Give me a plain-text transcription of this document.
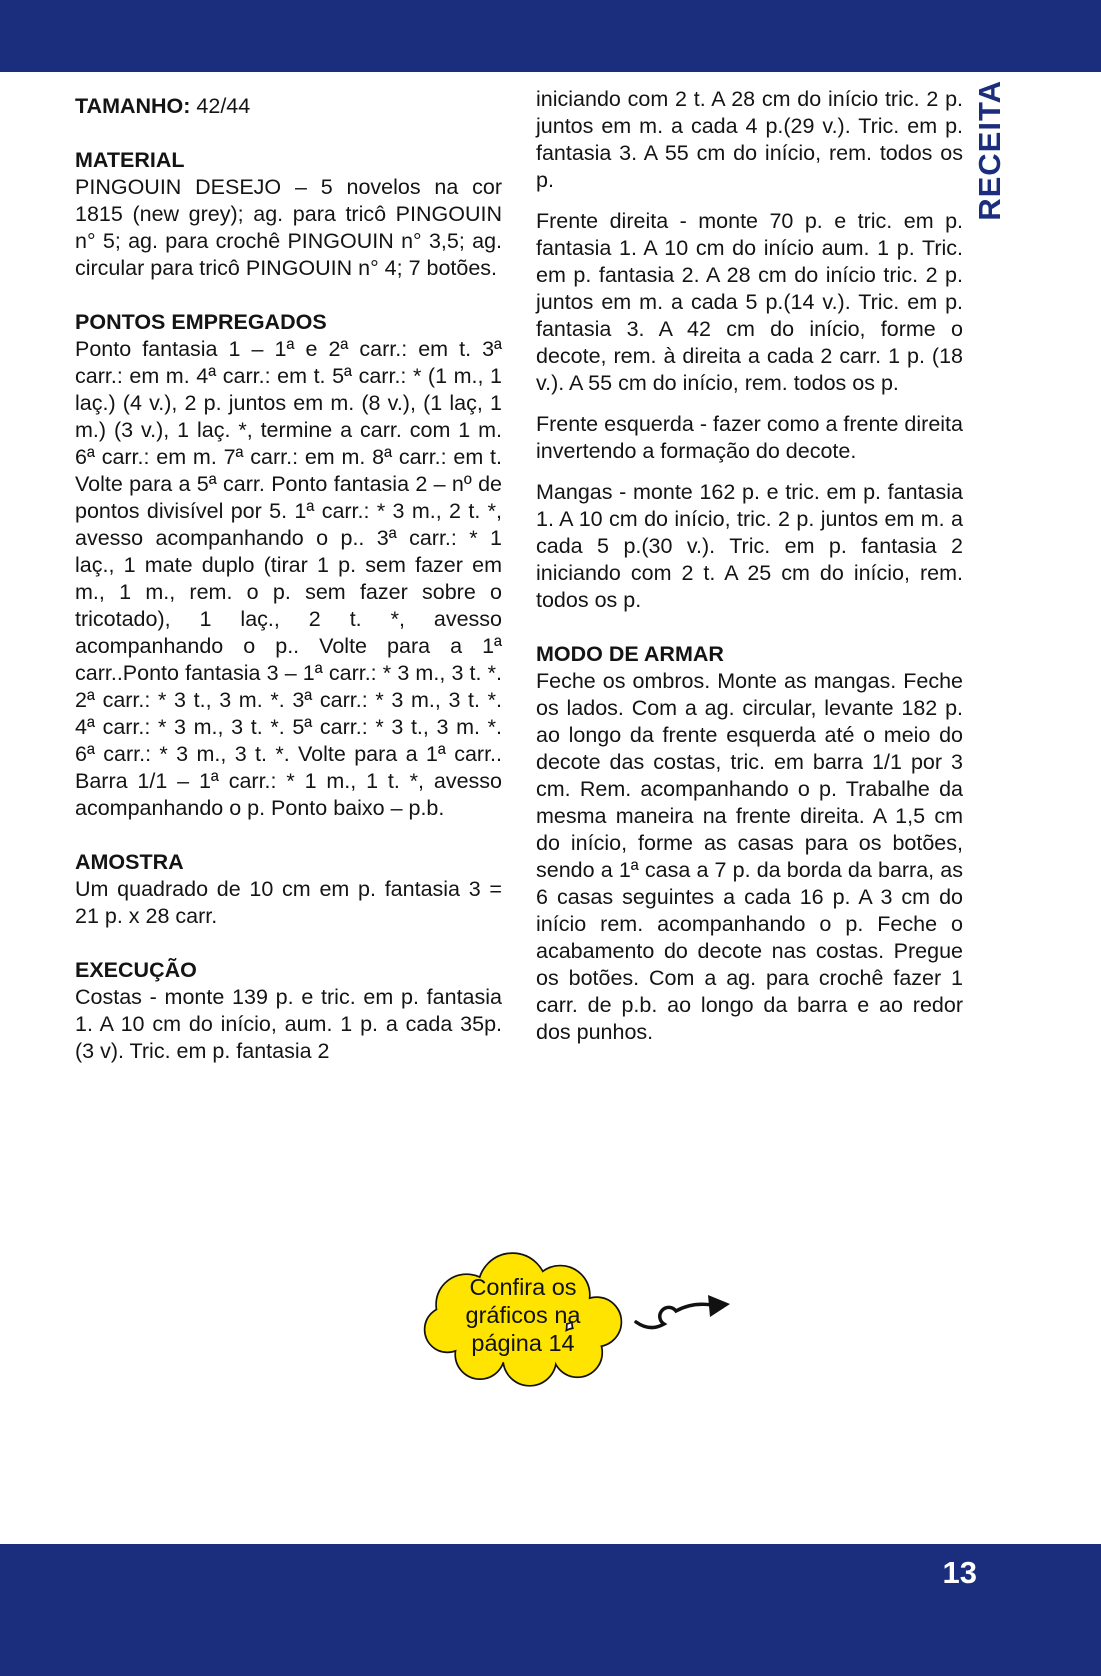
RECEITA

TAMANHO: 42/44

MATERIAL

PINGOUIN DESEJO – 5 novelos na cor 1815 (new grey); ag. para tricô PINGOUIN n° 5; ag. para crochê PINGOUIN n° 3,5; ag. circular para tricô PINGOUIN n° 4; 7 botões.

PONTOS EMPREGADOS

Ponto fantasia 1 – 1ª e 2ª carr.: em t. 3ª carr.: em m. 4ª carr.: em t. 5ª carr.: * (1 m., 1 laç.) (4 v.), 2 p. juntos em m. (8 v.), (1 laç, 1 m.) (3 v.), 1 laç. *, termine a carr. com 1 m. 6ª carr.: em m. 7ª carr.: em m. 8ª carr.: em t. Volte para a 5ª carr. Ponto fantasia 2 – nº de pontos divisível por 5. 1ª carr.: * 3 m., 2 t. *, avesso acompanhando o p.. 3ª carr.: * 1 laç., 1 mate duplo (tirar 1 p. sem fazer em m., 1 m., rem. o p. sem fazer sobre o tricotado), 1 laç., 2 t. *, avesso acompanhando o p.. Volte para a 1ª carr..Ponto fantasia 3 – 1ª carr.: * 3 m., 3 t. *. 2ª carr.: * 3 t., 3 m. *. 3ª carr.: * 3 m., 3 t. *. 4ª carr.: * 3 m., 3 t. *. 5ª carr.: * 3 t., 3 m. *. 6ª carr.: * 3 m., 3 t. *. Volte para a 1ª carr.. Barra 1/1 – 1ª carr.: * 1 m., 1 t. *, avesso acompanhando o p. Ponto baixo – p.b.

AMOSTRA

Um quadrado de 10 cm em p. fantasia 3 = 21 p. x 28 carr.

EXECUÇÃO

Costas - monte 139 p. e tric. em p. fantasia 1. A 10 cm do início, aum. 1 p. a cada 35p. (3 v). Tric. em p. fantasia 2

iniciando com 2 t. A 28 cm do início tric. 2 p. juntos em m. a cada 4 p.(29 v.). Tric. em p. fantasia 3. A 55 cm do início, rem. todos os p.

Frente direita - monte 70 p. e tric. em p. fantasia 1. A 10 cm do início aum. 1 p. Tric. em p. fantasia 2. A 28 cm do início tric. 2 p. juntos em m. a cada 5 p.(14 v.). Tric. em p. fantasia 3. A 42 cm do início, forme o decote, rem. à direita a cada 2 carr. 1 p. (18 v.). A 55 cm do início, rem. todos os p.

Frente esquerda - fazer como a frente direita invertendo a formação do decote.

Mangas - monte 162 p. e tric. em p. fantasia 1. A 10 cm do início, tric. 2 p. juntos em m. a cada 5 p.(30 v.). Tric. em p. fantasia 2 iniciando com 2 t. A 25 cm do início, rem. todos os p.

MODO DE ARMAR

Feche os ombros. Monte as mangas. Feche os lados. Com a ag. circular, levante 182 p. ao longo da frente esquerda até o meio do decote das costas, tric. em barra 1/1 por 3 cm. Rem. acompanhando o p. Trabalhe da mesma maneira na frente direita. A 1,5 cm do início, forme as casas para os botões, sendo a 1ª casa a 7 p. da borda da barra, as 6 casas seguintes a cada 16 p. A 3 cm do início rem. acompanhando o p. Feche o acabamento do decote nas costas. Pregue os botões. Com a ag. para crochê fazer 1 carr. de p.b. ao longo da barra e ao redor dos punhos.

Confira os
gráficos na
página 14
13
